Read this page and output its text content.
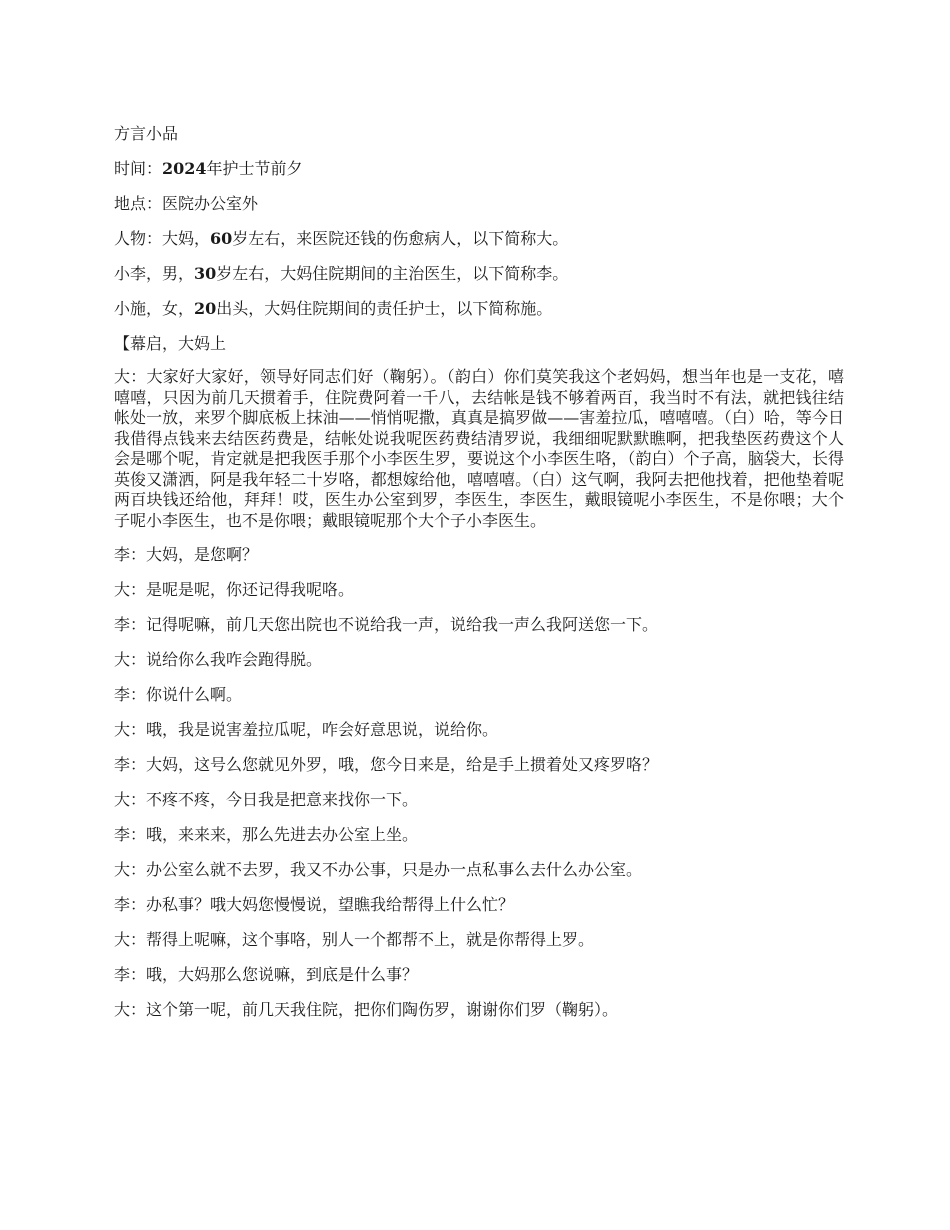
方言小品

时间：2024年护士节前夕

地点：医院办公室外

人物：大妈，60岁左右，来医院还钱的伤愈病人，以下简称大。

小李，男，30岁左右，大妈住院期间的主治医生，以下简称李。

小施，女，20出头，大妈住院期间的责任护士，以下简称施。

【幕启，大妈上

大：大家好大家好，领导好同志们好（鞠躬）。（韵白）你们莫笑我这个老妈妈，想当年也是一支花，嘻嘻嘻，只因为前几天掼着手，住院费阿着一千八，去结帐是钱不够着两百，我当时不有法，就把钱往结帐处一放，来罗个脚底板上抹油——悄悄呢撒，真真是搞罗做——害羞拉瓜，嘻嘻嘻。（白）哈，等今日我借得点钱来去结医药费是，结帐处说我呢医药费结清罗说，我细细呢默默瞧啊，把我垫医药费这个人会是哪个呢，肯定就是把我医手那个小李医生罗，要说这个小李医生咯，（韵白）个子高，脑袋大，长得英俊又潇洒，阿是我年轻二十岁咯，都想嫁给他，嘻嘻嘻。（白）这气啊，我阿去把他找着，把他垫着呢两百块钱还给他，拜拜！哎，医生办公室到罗，李医生，李医生，戴眼镜呢小李医生，不是你喂；大个子呢小李医生，也不是你喂；戴眼镜呢那个大个子小李医生。

李：大妈，是您啊？

大：是呢是呢，你还记得我呢咯。

李：记得呢嘛，前几天您出院也不说给我一声，说给我一声么我阿送您一下。

大：说给你么我咋会跑得脱。

李：你说什么啊。

大：哦，我是说害羞拉瓜呢，咋会好意思说，说给你。

李：大妈，这号么您就见外罗，哦，您今日来是，给是手上掼着处又疼罗咯？

大：不疼不疼，今日我是把意来找你一下。

李：哦，来来来，那么先进去办公室上坐。

大：办公室么就不去罗，我又不办公事，只是办一点私事么去什么办公室。

李：办私事？哦大妈您慢慢说，望瞧我给帮得上什么忙？

大：帮得上呢嘛，这个事咯，别人一个都帮不上，就是你帮得上罗。

李：哦，大妈那么您说嘛，到底是什么事？

大：这个第一呢，前几天我住院，把你们陶伤罗，谢谢你们罗（鞠躬）。
